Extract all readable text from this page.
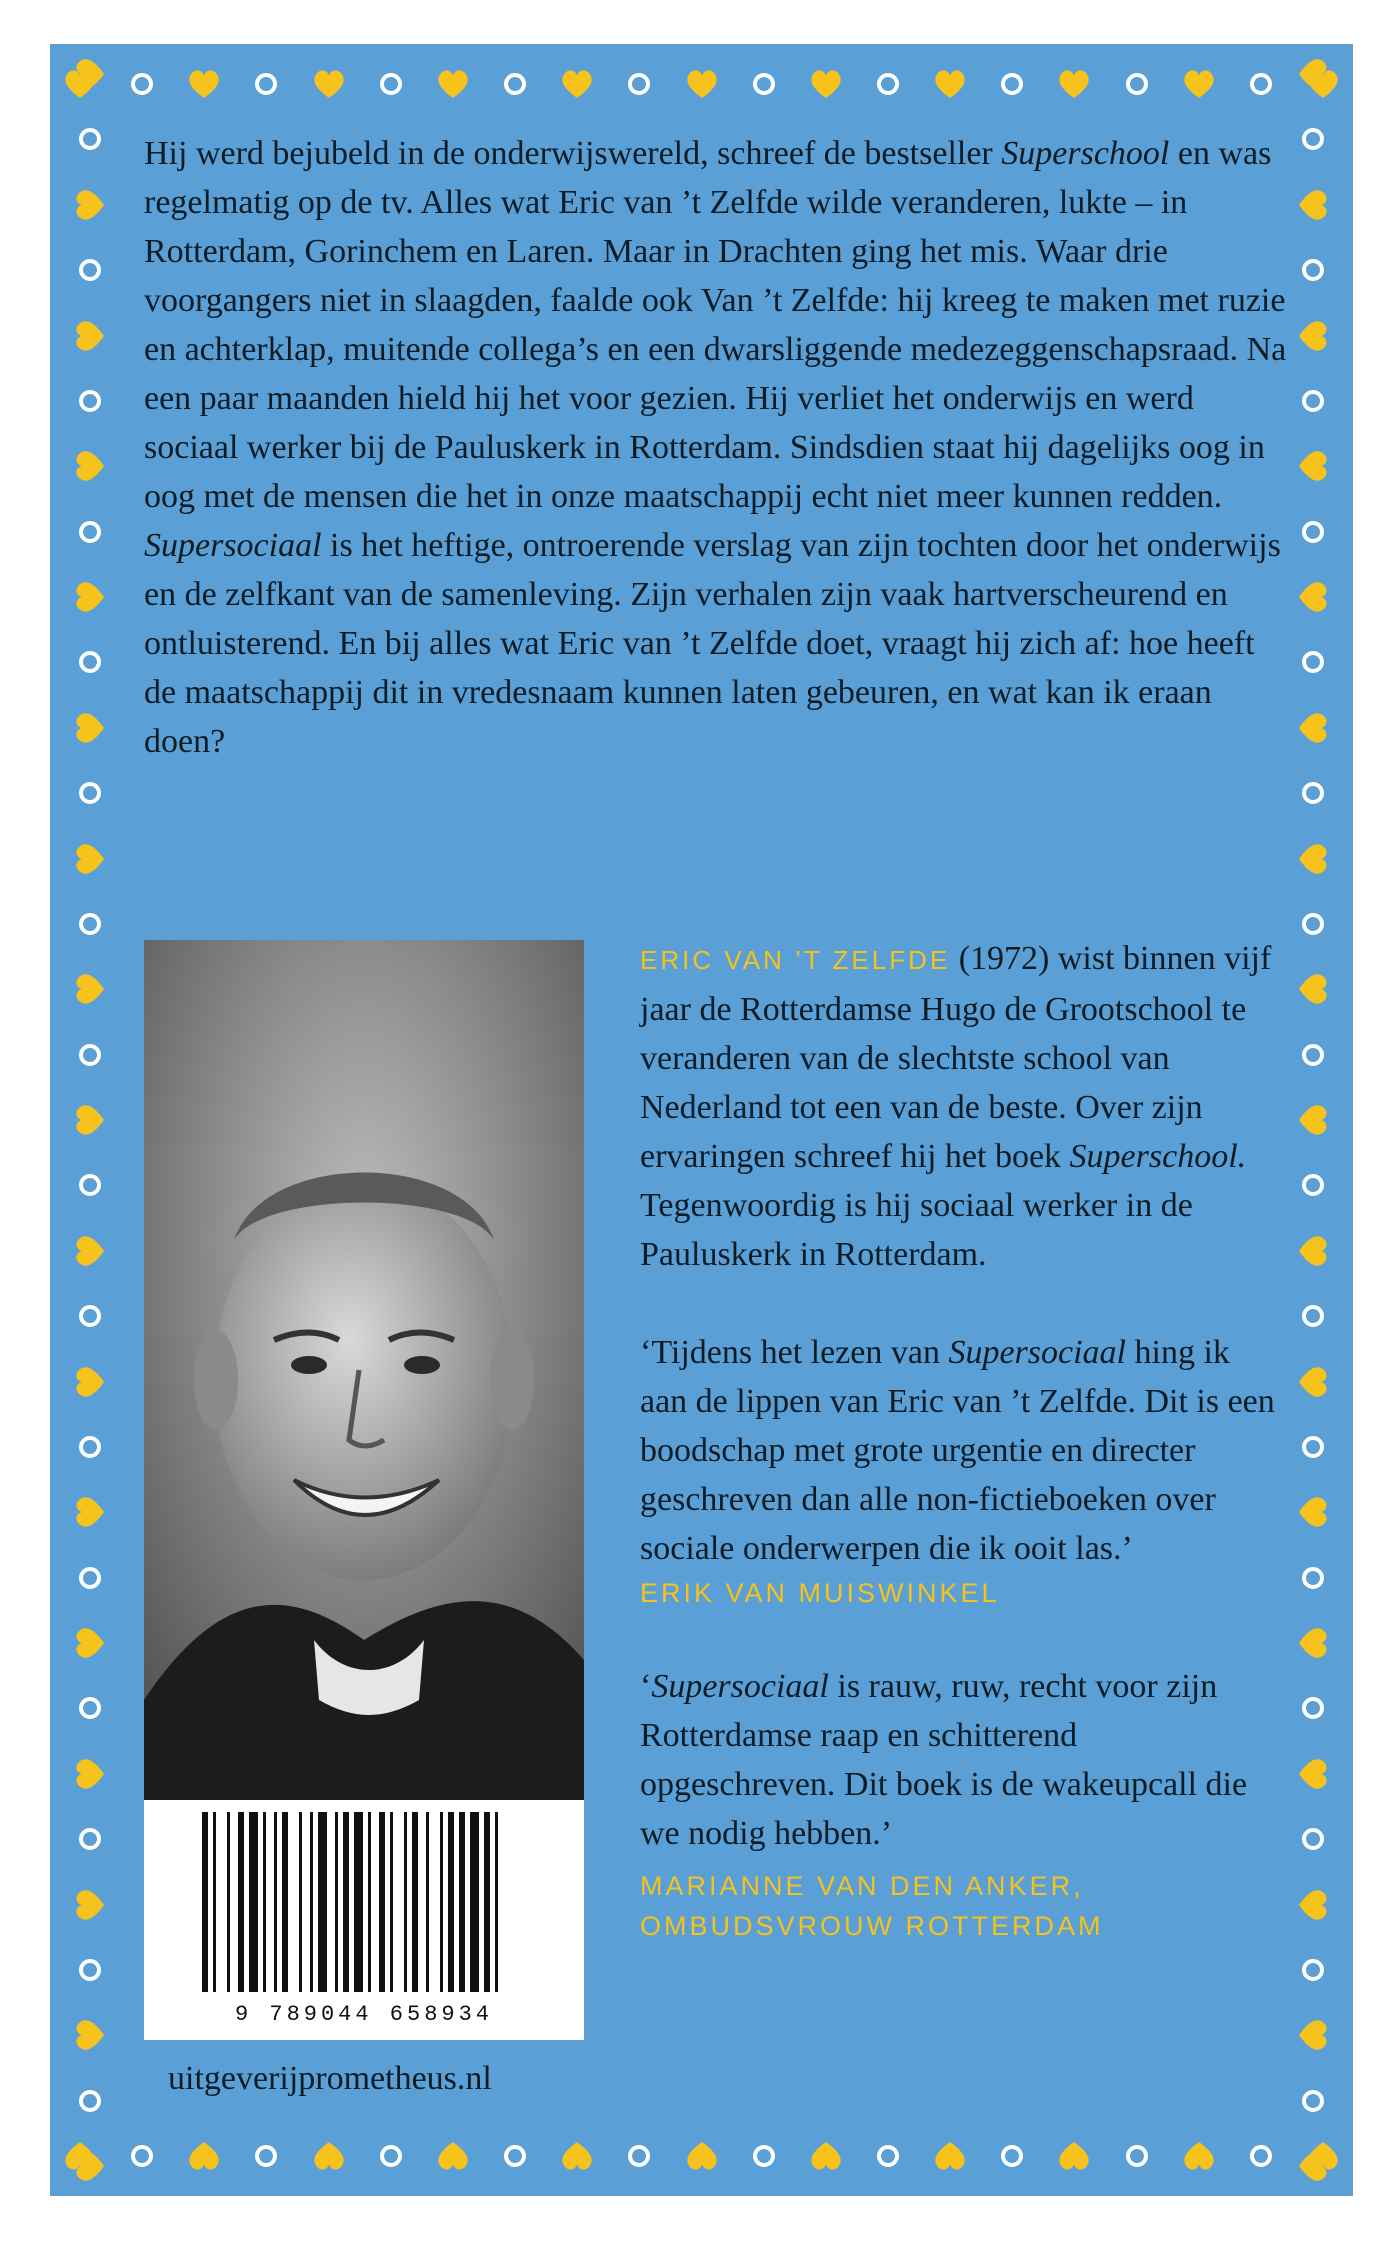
Hij werd bejubeld in de onderwijswereld, schreef de bestseller Superschool en was regelmatig op de tv. Alles wat Eric van ’t Zelfde wilde veranderen, lukte – in Rotterdam, Gorinchem en Laren. Maar in Drachten ging het mis. Waar drie voorgangers niet in slaagden, faalde ook Van ’t Zelfde: hij kreeg te maken met ruzie en achterklap, muitende collega’s en een dwarsliggende medezeggenschapsraad. Na een paar maanden hield hij het voor gezien. Hij verliet het onderwijs en werd sociaal werker bij de Pauluskerk in Rotterdam. Sindsdien staat hij dagelijks oog in oog met de mensen die het in onze maatschappij echt niet meer kunnen redden.

Supersociaal is het heftige, ontroerende verslag van zijn tochten door het onderwijs en de zelfkant van de samenleving. Zijn verhalen zijn vaak hartverscheurend en ontluisterend. En bij alles wat Eric van ’t Zelfde doet, vraagt hij zich af: hoe heeft de maatschappij dit in vredesnaam kunnen laten gebeuren, en wat kan ik eraan doen?

9 789044 658934

ERIC VAN ’T ZELFDE (1972) wist binnen vijf jaar de Rotterdamse Hugo de Grootschool te veranderen van de slechtste school van Nederland tot een van de beste. Over zijn ervaringen schreef hij het boek Superschool. Tegenwoordig is hij sociaal werker in de Pauluskerk in Rotterdam.

‘Tijdens het lezen van Supersociaal hing ik aan de lippen van Eric van ’t Zelfde. Dit is een boodschap met grote urgentie en directer geschreven dan alle non-fictieboeken over sociale onderwerpen die ik ooit las.’

ERIK VAN MUISWINKEL

‘Supersociaal is rauw, ruw, recht voor zijn Rotterdamse raap en schitterend opgeschreven. Dit boek is de wakeupcall die we nodig hebben.’

MARIANNE VAN DEN ANKER,
OMBUDSVROUW ROTTERDAM

uitgeverijprometheus.nl
